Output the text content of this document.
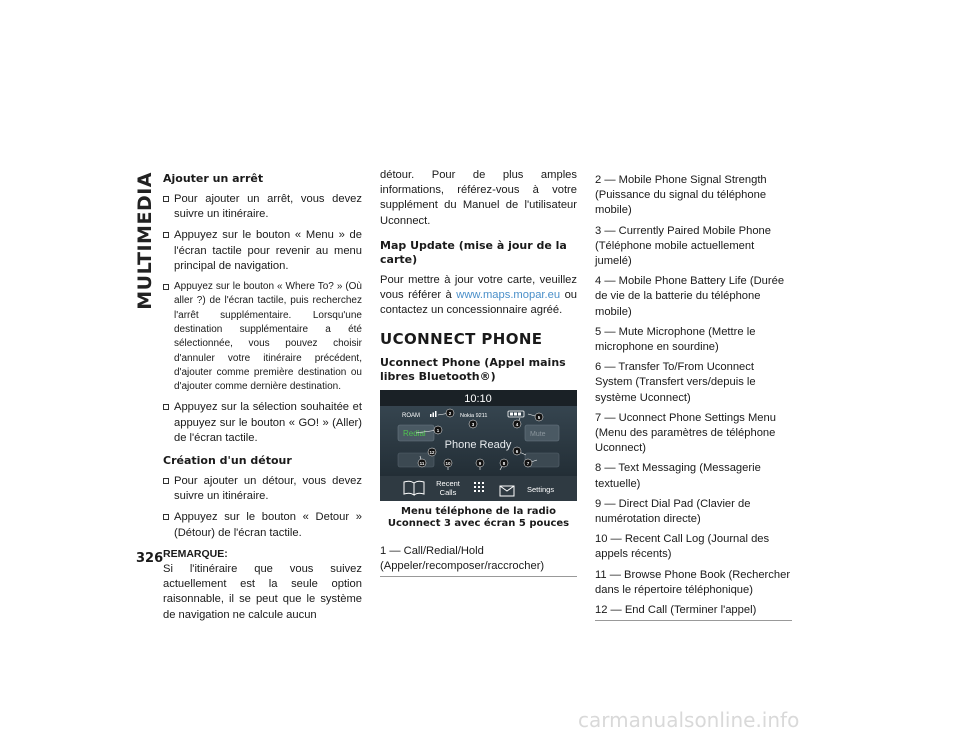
MULTIMEDIA
326
Ajouter un arrêt
Pour ajouter un arrêt, vous devez suivre un itinéraire.
Appuyez sur le bouton « Menu » de l'écran tactile pour revenir au menu principal de navigation.
Appuyez sur le bouton « Where To? » (Où aller ?) de l'écran tactile, puis recherchez l'arrêt supplémentaire. Lorsqu'une destination supplémentaire a été sélectionnée, vous pouvez choisir d'annuler votre itinéraire précédent, d'ajouter comme première destination ou d'ajouter comme dernière destination.
Appuyez sur la sélection souhaitée et appuyez sur le bouton « GO! » (Aller) de l'écran tactile.
Création d'un détour
Pour ajouter un détour, vous devez suivre un itinéraire.
Appuyez sur le bouton « Detour » (Détour) de l'écran tactile.
REMARQUE:

Si l'itinéraire que vous suivez actuellement est la seule option raisonnable, il se peut que le système de navigation ne calcule aucun

détour. Pour de plus amples informations, référez-vous à votre supplément du Manuel de l'utilisateur Uconnect.

Map Update (mise à jour de la carte)

Pour mettre à jour votre carte, veuillez vous référer à www.maps.mopar.eu ou contactez un concessionnaire agréé.

UCONNECT PHONE
Uconnect Phone (Appel mains libres Bluetooth®)
10:10
ROAM	Nokia 9211
Redial	Mute
Phone Ready
Recent
Calls	Settings
1
2
3	4
5
6
7
8
9
10
11
12
Menu téléphone de la radio Uconnect 3 avec écran 5 pouces
1 — Call/Redial/Hold (Appeler/recomposer/raccrocher)
2 — Mobile Phone Signal Strength (Puissance du signal du téléphone mobile)
3 — Currently Paired Mobile Phone (Téléphone mobile actuellement jumelé)
4 — Mobile Phone Battery Life (Durée de vie de la batterie du téléphone mobile)
5 — Mute Microphone (Mettre le microphone en sourdine)
6 — Transfer To/From Uconnect System (Transfert vers/depuis le système Uconnect)
7 — Uconnect Phone Settings Menu (Menu des paramètres de téléphone Uconnect)
8 — Text Messaging (Messagerie textuelle)
9 — Direct Dial Pad (Clavier de numérotation directe)
10 — Recent Call Log (Journal des appels récents)
11 — Browse Phone Book (Rechercher dans le répertoire téléphonique)
12 — End Call (Terminer l'appel)
carmanualsonline.info
